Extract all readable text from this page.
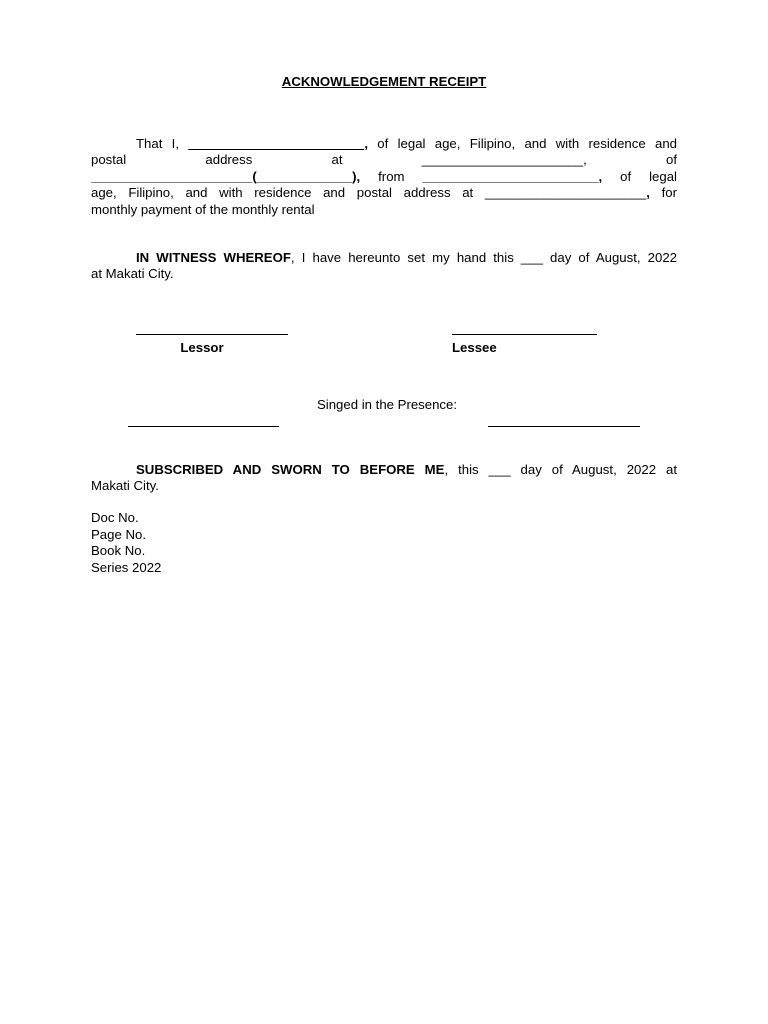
ACKNOWLEDGEMENT RECEIPT
That I, ________________________, of legal age, Filipino, and with residence and
postal address at ______________________, of
______________________(_____________), from ________________________, of legal
age, Filipino, and with residence and postal address at ______________________, for
monthly payment of the monthly rental
IN WITNESS WHEREOF, I have hereunto set my hand this ___ day of August, 2022
at Makati City.
Lessor	Lessee
Singed in the Presence:
SUBSCRIBED AND SWORN TO BEFORE ME, this ___ day of August, 2022 at
Makati City.
Doc No.
Page No.
Book No.
Series 2022
